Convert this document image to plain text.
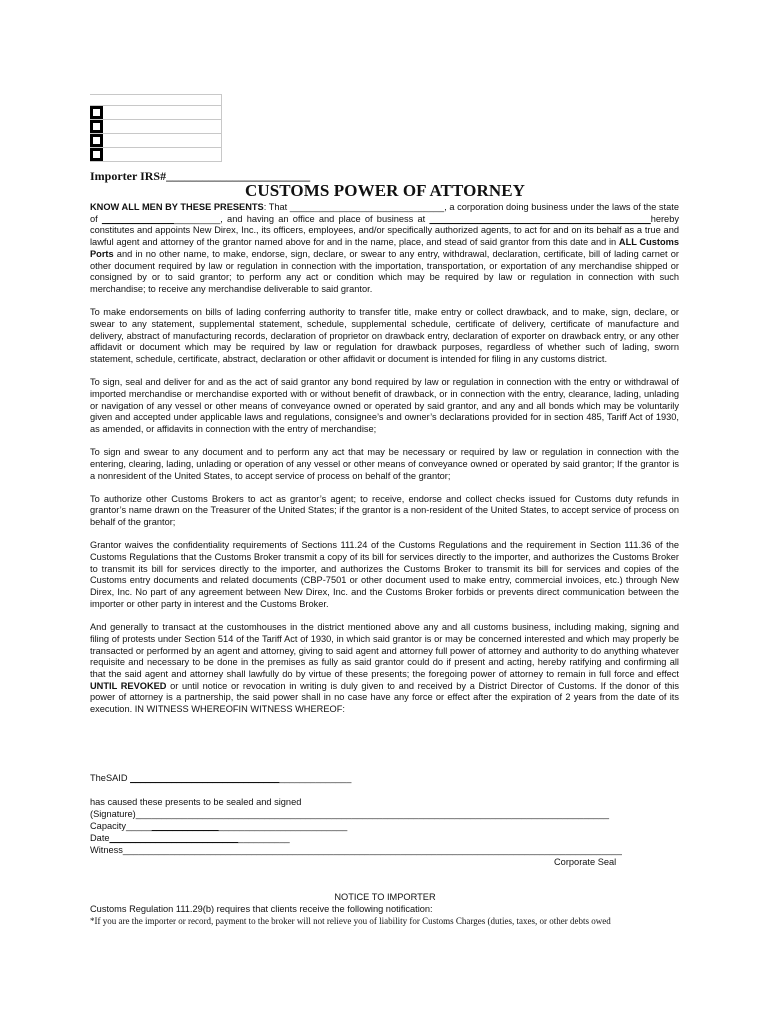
Importer IRS#________________________
CUSTOMS POWER OF ATTORNEY

KNOW ALL MEN BY THESE PRESENTS: That ______________________________, a corporation doing business under the laws of the state of _______________________, and having an office and place of business at ___________________________________________hereby constitutes and appoints New Direx, Inc., its officers, employees, and/or specifically authorized agents, to act for and on its behalf as a true and lawful agent and attorney of the grantor named above for and in the name, place, and stead of said grantor from this date and in ALL Customs Ports and in no other name, to make, endorse, sign, declare, or swear to any entry, withdrawal, declaration, certificate, bill of lading carnet or other document required by law or regulation in connection with the importation, transportation, or exportation of any merchandise shipped or consigned by or to said grantor; to perform any act or condition which may be required by law or regulation in connection with such merchandise; to receive any merchandise deliverable to said grantor.

To make endorsements on bills of lading conferring authority to transfer title, make entry or collect drawback, and to make, sign, declare, or swear to any statement, supplemental statement, schedule, supplemental schedule, certificate of delivery, certificate of manufacture and delivery, abstract of manufacturing records, declaration of proprietor on drawback entry, declaration of exporter on drawback entry, or any other affidavit or document which may be required by law or regulation for drawback purposes, regardless of whether such of lading, sworn statement, schedule, certificate, abstract, declaration or other affidavit or document is intended for filing in any customs district.

To sign, seal and deliver for and as the act of said grantor any bond required by law or regulation in connection with the entry or withdrawal of imported merchandise or merchandise exported with or without benefit of drawback, or in connection with the entry, clearance, lading, unlading or navigation of any vessel or other means of conveyance owned or operated by said grantor, and any and all bonds which may be voluntarily given and accepted under applicable laws and regulations, consignee’s and owner’s declarations provided for in section 485, Tariff Act of 1930, as amended, or affidavits in connection with the entry of merchandise;

To sign and swear to any document and to perform any act that may be necessary or required by law or regulation in connection with the entering, clearing, lading, unlading or operation of any vessel or other means of conveyance owned or operated by said grantor; If the grantor is a nonresident of the United States, to accept service of process on behalf of the grantor;

To authorize other Customs Brokers to act as grantor’s agent; to receive, endorse and collect checks issued for Customs duty refunds in grantor’s name drawn on the Treasurer of the United States; if the grantor is a non-resident of the United States, to accept service of process on behalf of the grantor;

Grantor waives the confidentiality requirements of Sections 111.24 of the Customs Regulations and the requirement in Section 111.36 of the Customs Regulations that the Customs Broker transmit a copy of its bill for services directly to the importer, and authorizes the Customs Broker to transmit its bill for services directly to the importer, and authorizes the Customs Broker to transmit its bill for services and copies of the Customs entry documents and related documents (CBP-7501 or other document used to make entry, commercial invoices, etc.) through New Direx, Inc. No part of any agreement between New Direx, Inc. and the Customs Broker forbids or prevents direct communication between the importer or other party in interest and the Customs Broker.

And generally to transact at the customhouses in the district mentioned above any and all customs business, including making, signing and filing of protests under Section 514 of the Tariff Act of 1930, in which said grantor is or may be concerned interested and which may properly be transacted or performed by an agent and attorney, giving to said agent and attorney full power of attorney and authority to do anything whatever requisite and necessary to be done in the premises as fully as said grantor could do if present and acting, hereby ratifying and confirming all that the said agent and attorney shall lawfully do by virtue of these presents; the foregoing power of attorney to remain in full force and effect UNTIL REVOKED or until notice or revocation in writing is duly given to and received by a District Director of Customs. If the donor of this power of attorney is a partnership, the said power shall in no case have any force or effect after the expiration of 2 years from the date of its execution. IN WITNESS WHEREOFIN WITNESS WHEREOF:

TheSAID ___________________________________________
has caused these presents to be sealed and signed
(Signature)____________________________________________________________________________________________
Capacity___________________________________________
Date___________________________________
Witness_________________________________________________________________________________________________
Corporate Seal
NOTICE TO IMPORTER
Customs Regulation 111.29(b) requires that clients receive the following notification:
*If you are the importer or record, payment to the broker will not relieve you of liability for Customs Charges (duties, taxes, or other debts owed
